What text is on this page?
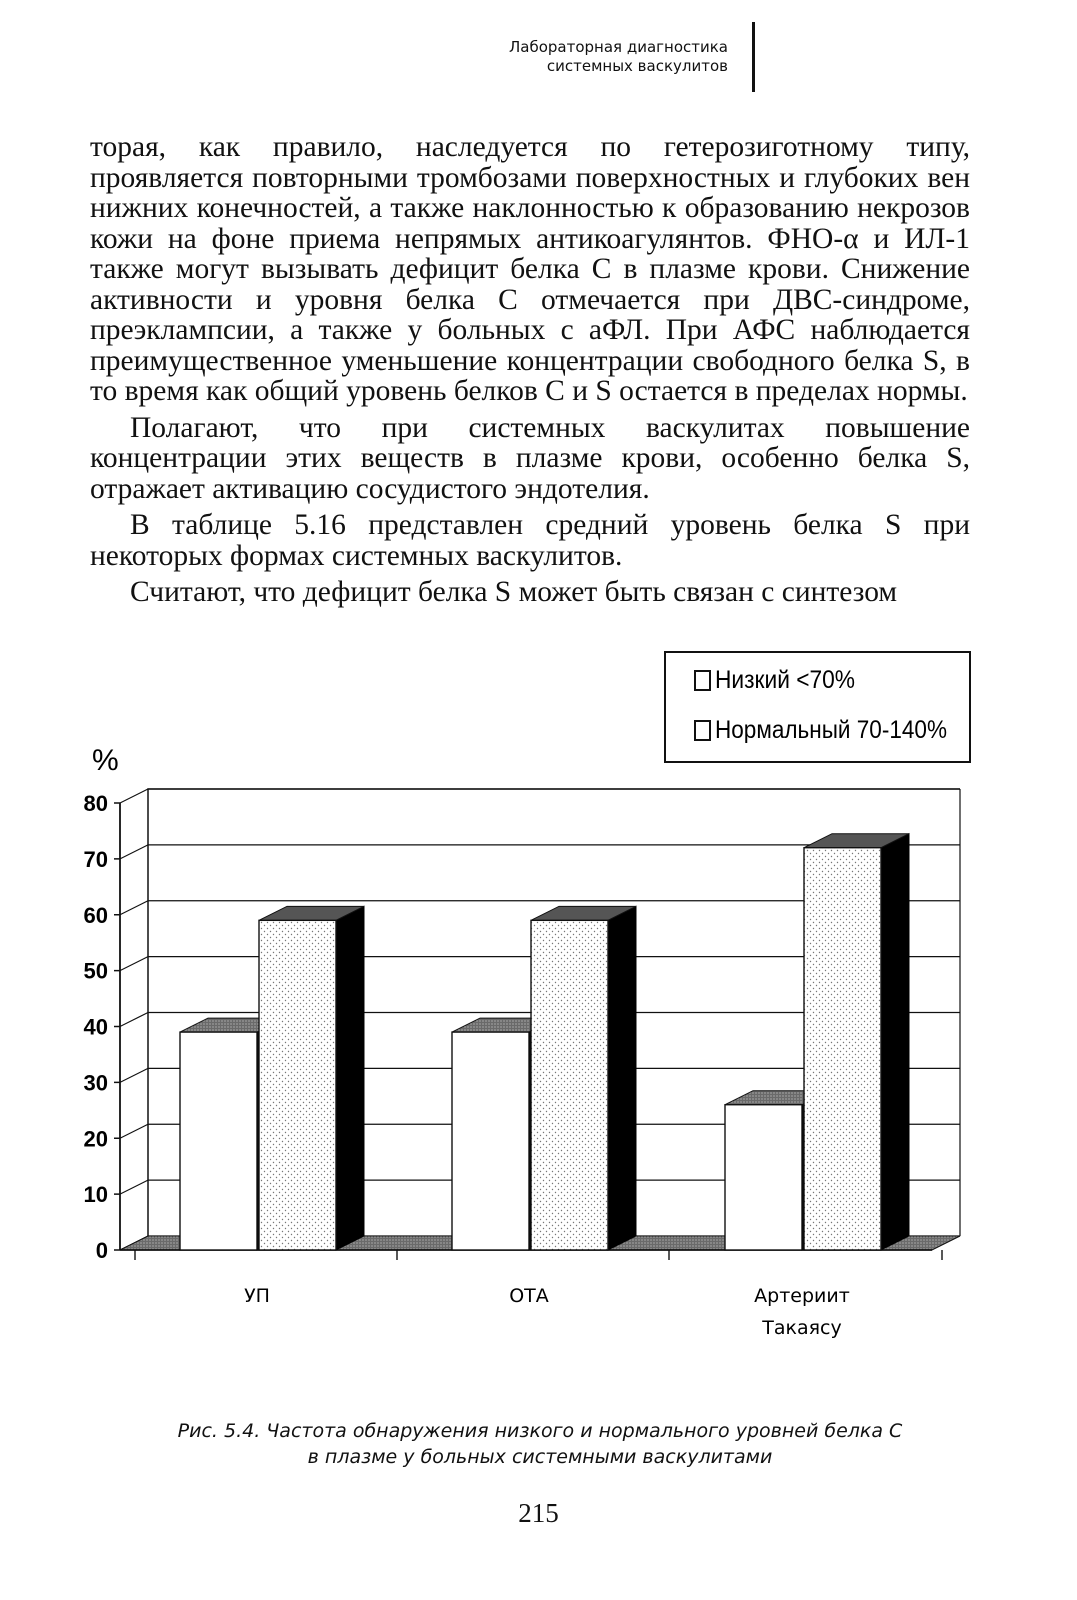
Лабораторная диагностика
системных васкулитов

торая, как правило, наследуется по гетерозиготному типу, проявляется повторными тромбозами поверхностных и глубоких вен нижних конечностей, а также наклонностью к образованию некрозов кожи на фоне приема непрямых антикоагулянтов. ФНО-α и ИЛ-1 также могут вызывать дефицит белка С в плазме крови. Снижение активности и уровня белка С отмечается при ДВС-синдроме, преэклампсии, а также у больных с аФЛ. При АФС наблюдается преимущественное уменьшение концентрации свободного белка S, в то время как общий уровень белков С и S остается в пределах нормы.

Полагают, что при системных васкулитах повышение концентрации этих веществ в плазме крови, особенно белка S, отражает активацию сосудистого эндотелия.

В таблице 5.16 представлен средний уровень белка S при некоторых формах системных васкулитов.

Считают, что дефицит белка S может быть связан с синтезом

Низкий <70%
Нормальный 70-140%
0
10
20
30
40
50
60
70
80
%
УП	ОТА	Артериит
Такаясу
Рис. 5.4. Частота обнаружения низкого и нормального уровней белка С
в плазме у больных системными васкулитами
215
